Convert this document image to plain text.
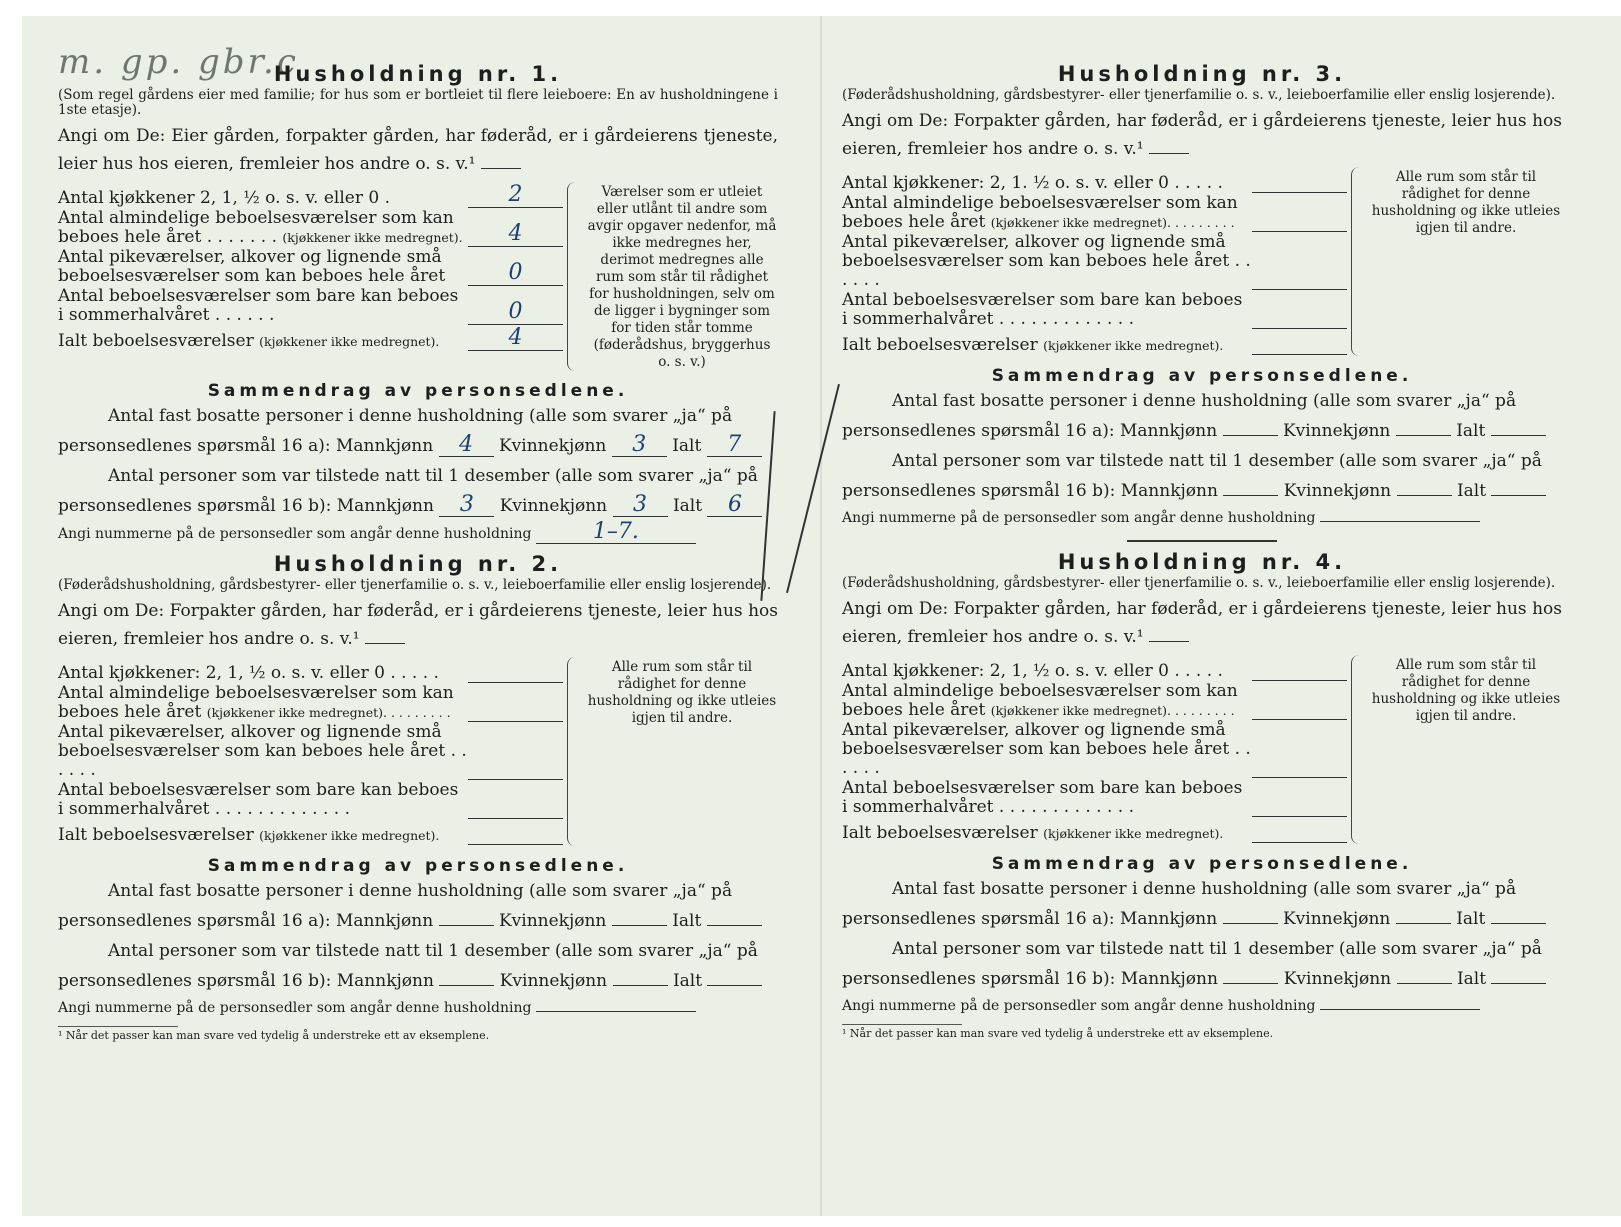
m. gp. gbr.c
Husholdning nr. 1.

(Som regel gårdens eier med familie; for hus som er bortleiet til flere leieboere: En av husholdningene i 1ste etasje).

Angi om De: Eier gården, forpakter gården, har føderåd, er i gårdeierens tjeneste, leier hus hos eieren, fremleier hos andre o. s. v.¹

Antal kjøkkener 2, 1, ½ o. s. v. eller 0 .	2
Antal almindelige beboelsesværelser som kan beboes hele året . . . . . . . (kjøkkener ikke medregnet).	4
Antal pikeværelser, alkover og lignende små beboelsesværelser som kan beboes hele året	0
Antal beboelsesværelser som bare kan beboes i sommerhalvåret . . . . . .	0
Ialt beboelsesværelser (kjøkkener ikke medregnet).	4
Værelser som er utleiet eller utlånt til andre som avgir opgaver nedenfor, må ikke medregnes her, derimot medregnes alle rum som står til rådighet for husholdningen, selv om de ligger i bygninger som for tiden står tomme (føderådshus, bryggerhus o. s. v.)
Sammendrag av personsedlene.
Antal fast bosatte personer i denne husholdning (alle som svarer „ja“ på
personsedlenes spørsmål 16 a): Mannkjønn 4 Kvinnekjønn 3 Ialt 7
Antal personer som var tilstede natt til 1 desember (alle som svarer „ja“ på
personsedlenes spørsmål 16 b): Mannkjønn 3 Kvinnekjønn 3 Ialt 6
Angi nummerne på de personsedler som angår denne husholdning	1–7.
Husholdning nr. 2.

(Føderådshusholdning, gårdsbestyrer- eller tjenerfamilie o. s. v., leieboerfamilie eller enslig losjerende).

Angi om De: Forpakter gården, har føderåd, er i gårdeierens tjeneste, leier hus hos eieren, fremleier hos andre o. s. v.¹

Antal kjøkkener: 2, 1, ½ o. s. v. eller 0 . . . . .
Antal almindelige beboelsesværelser som kan beboes hele året (kjøkkener ikke medregnet). . . . . . . . .
Antal pikeværelser, alkover og lignende små beboelsesværelser som kan beboes hele året . . . . . .
Antal beboelsesværelser som bare kan beboes i sommerhalvåret . . . . . . . . . . . . .
Ialt beboelsesværelser (kjøkkener ikke medregnet).
Alle rum som står til rådighet for denne husholdning og ikke utleies igjen til andre.
Sammendrag av personsedlene.
Antal fast bosatte personer i denne husholdning (alle som svarer „ja“ på
personsedlenes spørsmål 16 a): Mannkjønn	Kvinnekjønn	Ialt
Antal personer som var tilstede natt til 1 desember (alle som svarer „ja“ på
personsedlenes spørsmål 16 b): Mannkjønn	Kvinnekjønn	Ialt
Angi nummerne på de personsedler som angår denne husholdning
¹ Når det passer kan man svare ved tydelig å understreke ett av eksemplene.
Husholdning nr. 3.

(Føderådshusholdning, gårdsbestyrer- eller tjenerfamilie o. s. v., leieboerfamilie eller enslig losjerende).

Angi om De: Forpakter gården, har føderåd, er i gårdeierens tjeneste, leier hus hos eieren, fremleier hos andre o. s. v.¹

Antal kjøkkener: 2, 1. ½ o. s. v. eller 0 . . . . .
Antal almindelige beboelsesværelser som kan beboes hele året (kjøkkener ikke medregnet). . . . . . . . .
Antal pikeværelser, alkover og lignende små beboelsesværelser som kan beboes hele året . . . . . .
Antal beboelsesværelser som bare kan beboes i sommerhalvåret . . . . . . . . . . . . .
Ialt beboelsesværelser (kjøkkener ikke medregnet).
Alle rum som står til rådighet for denne husholdning og ikke utleies igjen til andre.
Sammendrag av personsedlene.
Antal fast bosatte personer i denne husholdning (alle som svarer „ja“ på
personsedlenes spørsmål 16 a): Mannkjønn	Kvinnekjønn	Ialt
Antal personer som var tilstede natt til 1 desember (alle som svarer „ja“ på
personsedlenes spørsmål 16 b): Mannkjønn	Kvinnekjønn	Ialt
Angi nummerne på de personsedler som angår denne husholdning
Husholdning nr. 4.

(Føderådshusholdning, gårdsbestyrer- eller tjenerfamilie o. s. v., leieboerfamilie eller enslig losjerende).

Angi om De: Forpakter gården, har føderåd, er i gårdeierens tjeneste, leier hus hos eieren, fremleier hos andre o. s. v.¹

Antal kjøkkener: 2, 1, ½ o. s. v. eller 0 . . . . .
Antal almindelige beboelsesværelser som kan beboes hele året (kjøkkener ikke medregnet). . . . . . . . .
Antal pikeværelser, alkover og lignende små beboelsesværelser som kan beboes hele året . . . . . .
Antal beboelsesværelser som bare kan beboes i sommerhalvåret . . . . . . . . . . . . .
Ialt beboelsesværelser (kjøkkener ikke medregnet).
Alle rum som står til rådighet for denne husholdning og ikke utleies igjen til andre.
Sammendrag av personsedlene.
Antal fast bosatte personer i denne husholdning (alle som svarer „ja“ på
personsedlenes spørsmål 16 a): Mannkjønn	Kvinnekjønn	Ialt
Antal personer som var tilstede natt til 1 desember (alle som svarer „ja“ på
personsedlenes spørsmål 16 b): Mannkjønn	Kvinnekjønn	Ialt
Angi nummerne på de personsedler som angår denne husholdning
¹ Når det passer kan man svare ved tydelig å understreke ett av eksemplene.
